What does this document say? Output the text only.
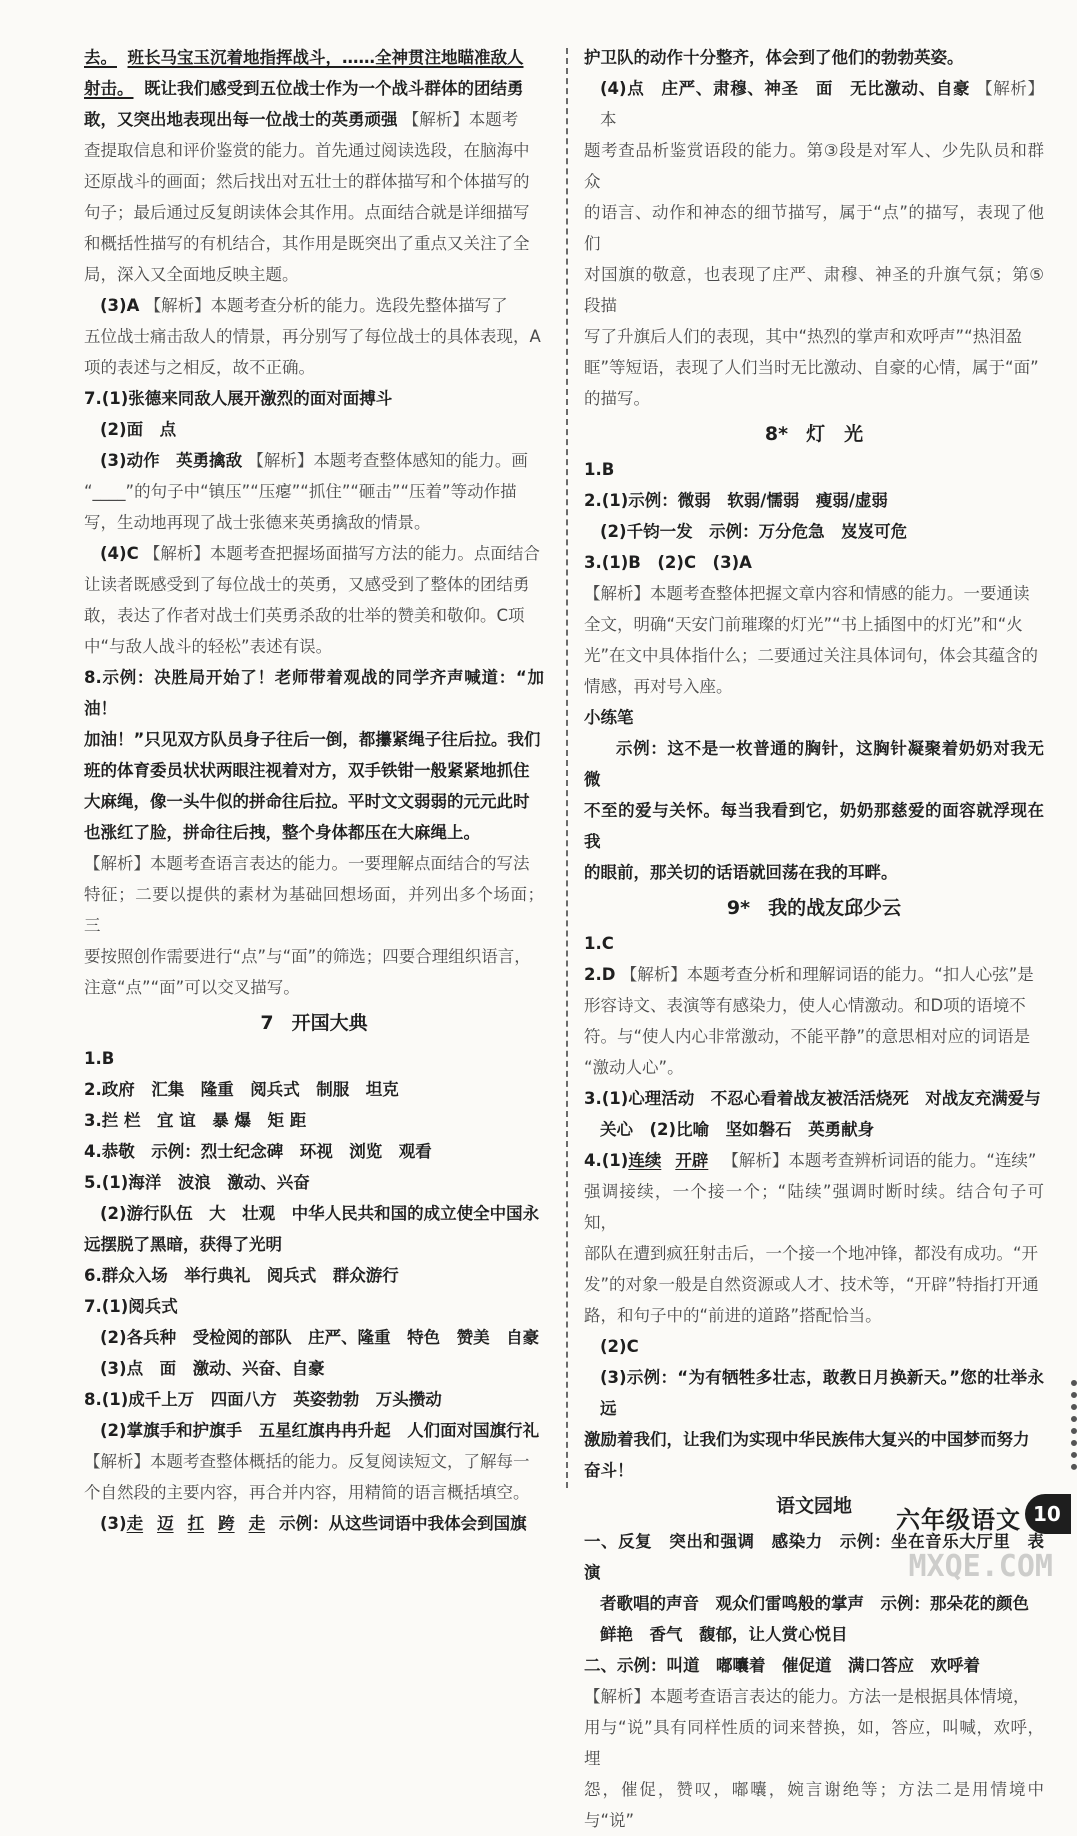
去。 班长马宝玉沉着地指挥战斗，……全神贯注地瞄准敌人

射击。 既让我们感受到五位战士作为一个战斗群体的团结勇

敢，又突出地表现出每一位战士的英勇顽强 【解析】本题考

查提取信息和评价鉴赏的能力。首先通过阅读选段，在脑海中

还原战斗的画面；然后找出对五壮士的群体描写和个体描写的

句子；最后通过反复朗读体会其作用。点面结合就是详细描写

和概括性描写的有机结合，其作用是既突出了重点又关注了全

局，深入又全面地反映主题。

(3)A 【解析】本题考查分析的能力。选段先整体描写了

五位战士痛击敌人的情景，再分别写了每位战士的具体表现，A

项的表述与之相反，故不正确。

7.(1)张德来同敌人展开激烈的面对面搏斗

(2)面　点

(3)动作　英勇擒敌 【解析】本题考查整体感知的能力。画

“____”的句子中“镇压”“压瘪”“抓住”“砸击”“压着”等动作描

写，生动地再现了战士张德来英勇擒敌的情景。

(4)C 【解析】本题考查把握场面描写方法的能力。点面结合

让读者既感受到了每位战士的英勇，又感受到了整体的团结勇

敢，表达了作者对战士们英勇杀敌的壮举的赞美和敬仰。C项

中“与敌人战斗的轻松”表述有误。

8.示例：决胜局开始了！老师带着观战的同学齐声喊道：“加油！

加油！”只见双方队员身子往后一倒，都攥紧绳子往后拉。我们

班的体育委员状状两眼注视着对方，双手铁钳一般紧紧地抓住

大麻绳，像一头牛似的拼命往后拉。平时文文弱弱的元元此时

也涨红了脸，拼命往后拽，整个身体都压在大麻绳上。

【解析】本题考查语言表达的能力。一要理解点面结合的写法

特征；二要以提供的素材为基础回想场面，并列出多个场面；三

要按照创作需要进行“点”与“面”的筛选；四要合理组织语言，

注意“点”“面”可以交叉描写。

7 开国大典

1.B

2.政府　汇集　隆重　阅兵式　制服　坦克

3.拦 栏　宜 谊　暴 爆　矩 距

4.恭敬　示例：烈士纪念碑　环视　浏览　观看

5.(1)海洋　波浪　激动、兴奋

(2)游行队伍　大　壮观　中华人民共和国的成立使全中国永

远摆脱了黑暗，获得了光明

6.群众入场　举行典礼　阅兵式　群众游行

7.(1)阅兵式

(2)各兵种　受检阅的部队　庄严、隆重　特色　赞美　自豪

(3)点　面　激动、兴奋、自豪

8.(1)成千上万　四面八方　英姿勃勃　万头攒动

(2)掌旗手和护旗手　五星红旗冉冉升起　人们面对国旗行礼

【解析】本题考查整体概括的能力。反复阅读短文，了解每一

个自然段的主要内容，再合并内容，用精简的语言概括填空。

(3)走 迈 扛 跨 走 示例：从这些词语中我体会到国旗

护卫队的动作十分整齐，体会到了他们的勃勃英姿。

(4)点　庄严、肃穆、神圣　面　无比激动、自豪 【解析】本

题考查品析鉴赏语段的能力。第③段是对军人、少先队员和群众

的语言、动作和神态的细节描写，属于“点”的描写，表现了他们

对国旗的敬意，也表现了庄严、肃穆、神圣的升旗气氛；第⑤段描

写了升旗后人们的表现，其中“热烈的掌声和欢呼声”“热泪盈

眶”等短语，表现了人们当时无比激动、自豪的心情，属于“面”

的描写。

8* 灯　光

1.B

2.(1)示例：微弱　软弱/懦弱　瘦弱/虚弱

(2)千钧一发　示例：万分危急　岌岌可危

3.(1)B　(2)C　(3)A

【解析】本题考查整体把握文章内容和情感的能力。一要通读

全文，明确“天安门前璀璨的灯光”“书上插图中的灯光”和“火

光”在文中具体指什么；二要通过关注具体词句，体会其蕴含的

情感，再对号入座。

小练笔

示例：这不是一枚普通的胸针，这胸针凝聚着奶奶对我无微

不至的爱与关怀。每当我看到它，奶奶那慈爱的面容就浮现在我

的眼前，那关切的话语就回荡在我的耳畔。

9* 我的战友邱少云

1.C

2.D 【解析】本题考查分析和理解词语的能力。“扣人心弦”是

形容诗文、表演等有感染力，使人心情激动。和D项的语境不

符。与“使人内心非常激动，不能平静”的意思相对应的词语是

“激动人心”。

3.(1)心理活动　不忍心看着战友被活活烧死　对战友充满爱与

关心　(2)比喻　坚如磐石　英勇献身

4.(1)连续 开辟 【解析】本题考查辨析词语的能力。“连续”

强调接续，一个接一个；“陆续”强调时断时续。结合句子可知，

部队在遭到疯狂射击后，一个接一个地冲锋，都没有成功。“开

发”的对象一般是自然资源或人才、技术等，“开辟”特指打开通

路，和句子中的“前进的道路”搭配恰当。

(2)C

(3)示例：“为有牺牲多壮志，敢教日月换新天。”您的壮举永远

激励着我们，让我们为实现中华民族伟大复兴的中国梦而努力

奋斗！

语文园地

一、反复　突出和强调　感染力　示例：坐在音乐大厅里　表演

者歌唱的声音　观众们雷鸣般的掌声　示例：那朵花的颜色

鲜艳　香气　馥郁，让人赏心悦目

二、示例：叫道　嘟囔着　催促道　满口答应　欢呼着

【解析】本题考查语言表达的能力。方法一是根据具体情境，

用与“说”具有同样性质的词来替换，如，答应，叫喊，欢呼，埋

怨，催促，赞叹，嘟囔，婉言谢绝等；方法二是用情境中与“说”

六年级语文 10
MXQE.COM
